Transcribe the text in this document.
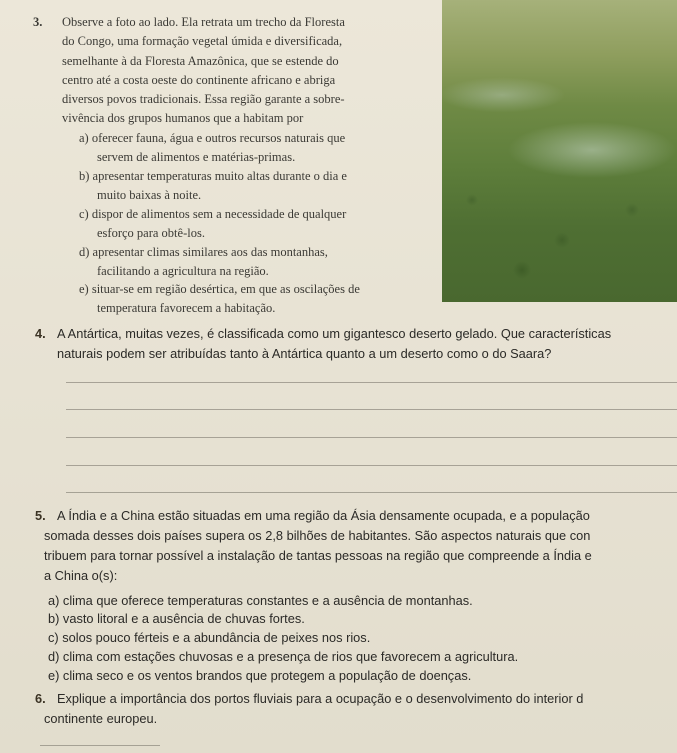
3. Observe a foto ao lado. Ela retrata um trecho da Floresta
do Congo, uma formação vegetal úmida e diversificada,
semelhante à da Floresta Amazônica, que se estende do
centro até a costa oeste do continente africano e abriga
diversos povos tradicionais. Essa região garante a sobre-
vivência dos grupos humanos que a habitam por
a) oferecer fauna, água e outros recursos naturais que
servem de alimentos e matérias-primas.
b) apresentar temperaturas muito altas durante o dia e
muito baixas à noite.
c) dispor de alimentos sem a necessidade de qualquer
esforço para obtê-los.
d) apresentar climas similares aos das montanhas,
facilitando a agricultura na região.
e) situar-se em região desértica, em que as oscilações de
temperatura favorecem a habitação.
4. A Antártica, muitas vezes, é classificada como um gigantesco deserto gelado. Que características
naturais podem ser atribuídas tanto à Antártica quanto a um deserto como o do Saara?
5. A Índia e a China estão situadas em uma região da Ásia densamente ocupada, e a população
somada desses dois países supera os 2,8 bilhões de habitantes. São aspectos naturais que con
tribuem para tornar possível a instalação de tantas pessoas na região que compreende a Índia e
a China o(s):
a) clima que oferece temperaturas constantes e a ausência de montanhas.
b) vasto litoral e a ausência de chuvas fortes.
c) solos pouco férteis e a abundância de peixes nos rios.
d) clima com estações chuvosas e a presença de rios que favorecem a agricultura.
e) clima seco e os ventos brandos que protegem a população de doenças.
6. Explique a importância dos portos fluviais para a ocupação e o desenvolvimento do interior d
continente europeu.
